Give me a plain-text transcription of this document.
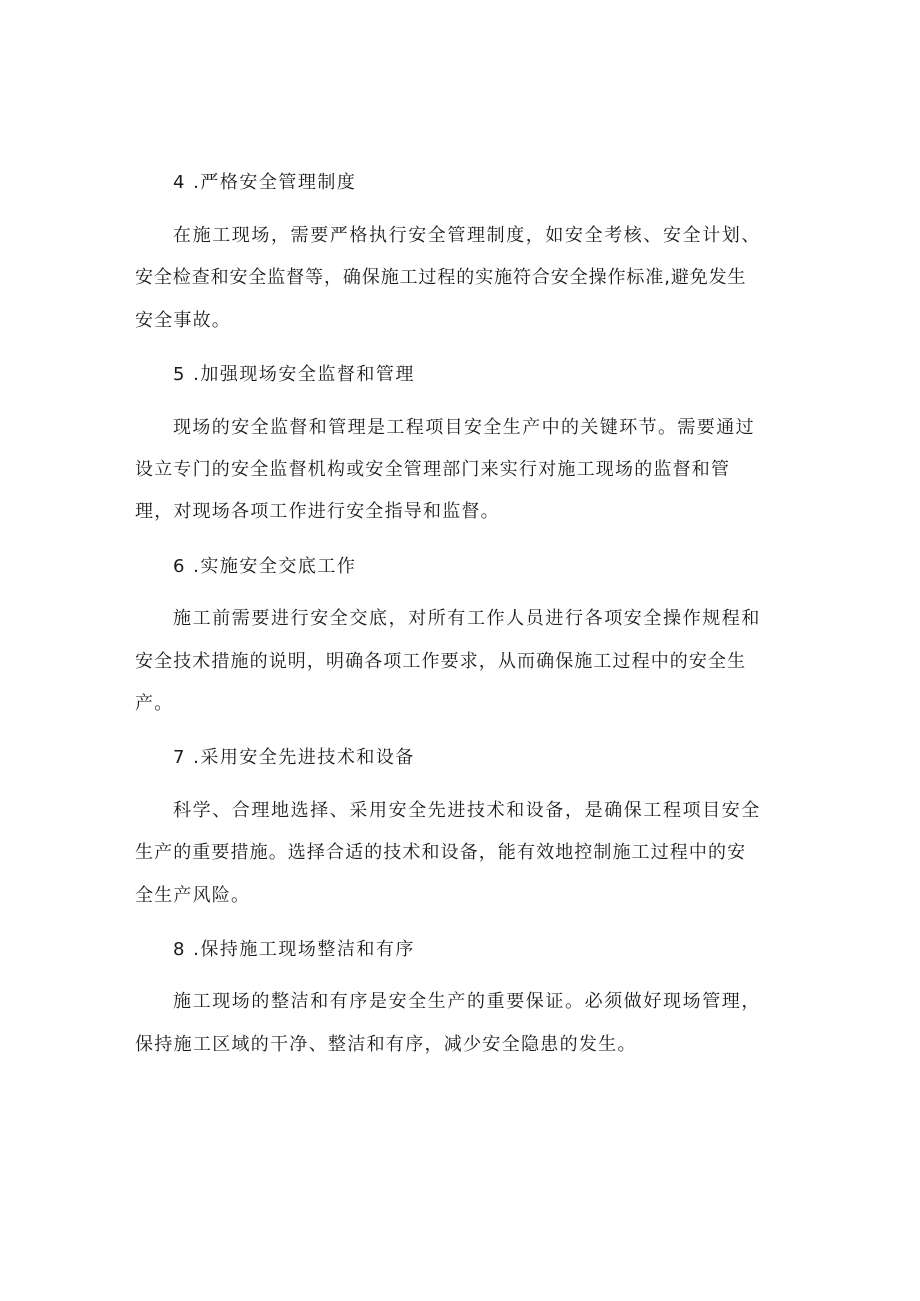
4 .严格安全管理制度
在施工现场，需要严格执行安全管理制度，如安全考核、安全计划、
安全检查和安全监督等，确保施工过程的实施符合安全操作标准,避免发生
安全事故。
5 .加强现场安全监督和管理
现场的安全监督和管理是工程项目安全生产中的关键环节。需要通过
设立专门的安全监督机构或安全管理部门来实行对施工现场的监督和管
理，对现场各项工作进行安全指导和监督。
6 .实施安全交底工作
施工前需要进行安全交底，对所有工作人员进行各项安全操作规程和
安全技术措施的说明，明确各项工作要求，从而确保施工过程中的安全生
产。
7 .采用安全先进技术和设备
科学、合理地选择、采用安全先进技术和设备，是确保工程项目安全
生产的重要措施。选择合适的技术和设备，能有效地控制施工过程中的安
全生产风险。
8 .保持施工现场整洁和有序
施工现场的整洁和有序是安全生产的重要保证。必须做好现场管理，
保持施工区域的干净、整洁和有序，减少安全隐患的发生。
